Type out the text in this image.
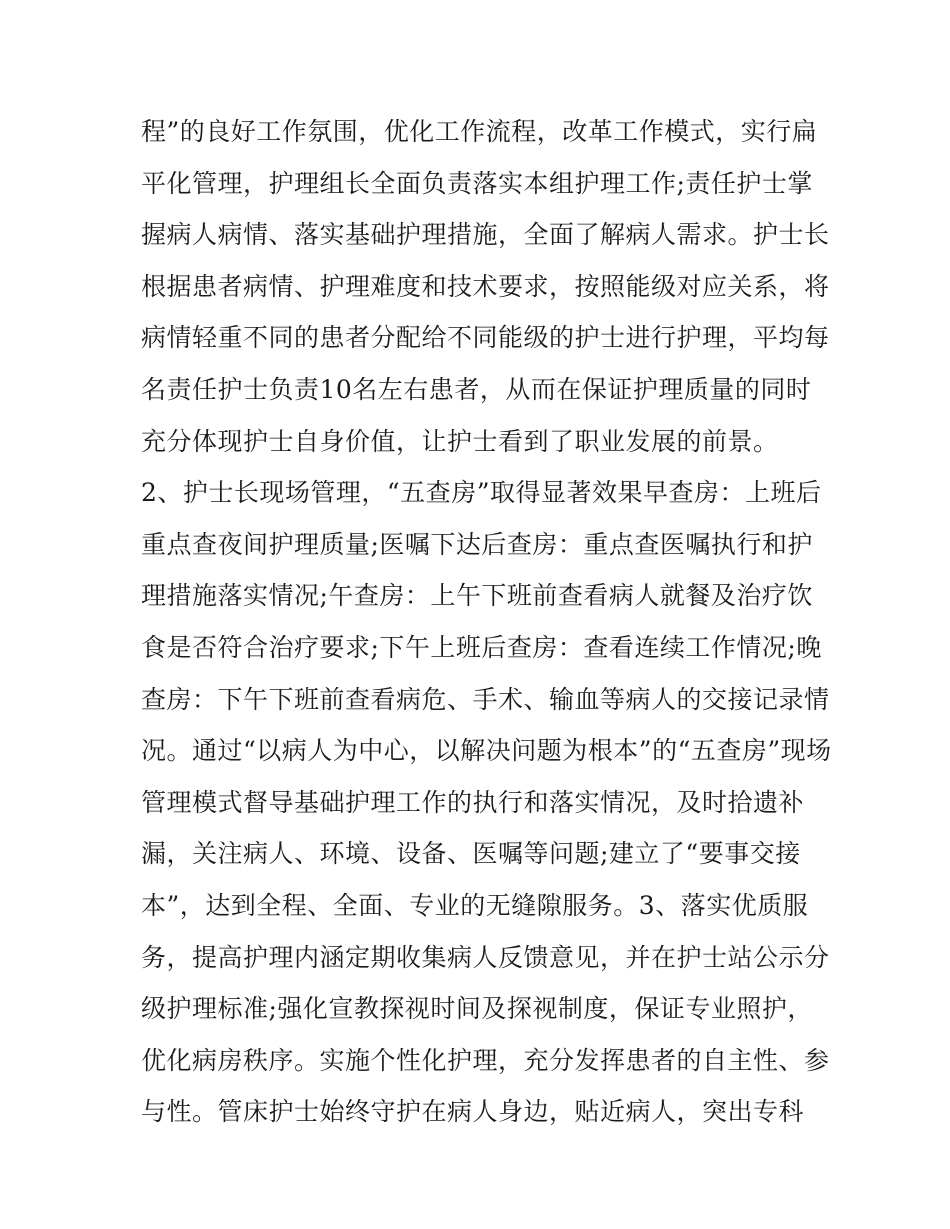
程”的良好工作氛围，优化工作流程，改革工作模式，实行扁
平化管理，护理组长全面负责落实本组护理工作;责任护士掌
握病人病情、落实基础护理措施，全面了解病人需求。护士长
根据患者病情、护理难度和技术要求，按照能级对应关系，将
病情轻重不同的患者分配给不同能级的护士进行护理，平均每
名责任护士负责10名左右患者，从而在保证护理质量的同时
充分体现护士自身价值，让护士看到了职业发展的前景。
2、护士长现场管理，“五查房”取得显著效果早查房：上班后
重点查夜间护理质量;医嘱下达后查房：重点查医嘱执行和护
理措施落实情况;午查房：上午下班前查看病人就餐及治疗饮
食是否符合治疗要求;下午上班后查房：查看连续工作情况;晚
查房：下午下班前查看病危、手术、输血等病人的交接记录情
况。通过“以病人为中心，以解决问题为根本”的“五查房”现场
管理模式督导基础护理工作的执行和落实情况，及时拾遗补
漏，关注病人、环境、设备、医嘱等问题;建立了“要事交接
本”，达到全程、全面、专业的无缝隙服务。3、落实优质服
务，提高护理内涵定期收集病人反馈意见，并在护士站公示分
级护理标准;强化宣教探视时间及探视制度，保证专业照护，
优化病房秩序。实施个性化护理，充分发挥患者的自主性、参
与性。管床护士始终守护在病人身边，贴近病人，突出专科
